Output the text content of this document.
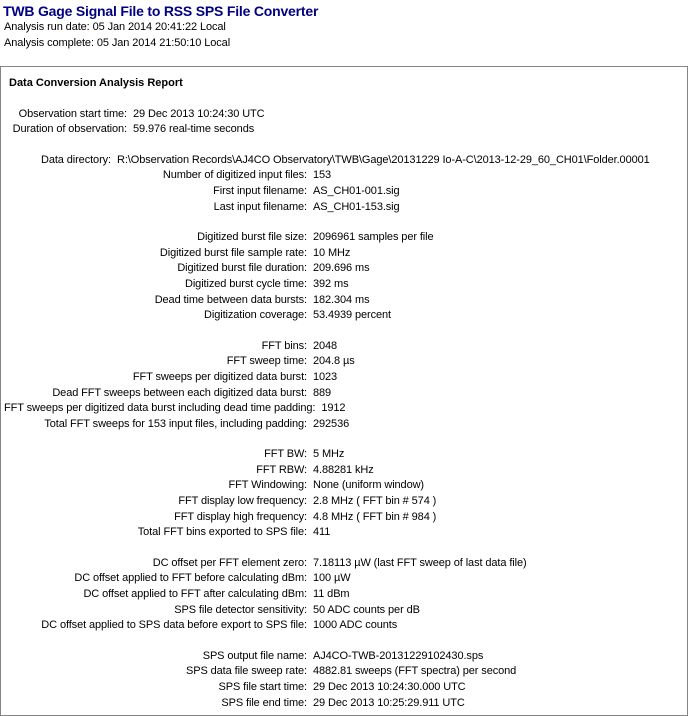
TWB Gage Signal File to RSS SPS File Converter
Analysis run date: 05 Jan 2014 20:41:22 Local
Analysis complete: 05 Jan 2014 21:50:10 Local
Data Conversion Analysis Report
Observation start time: 29 Dec 2013 10:24:30 UTC
Duration of observation: 59.976 real-time seconds
Data directory: R:\Observation Records\AJ4CO Observatory\TWB\Gage\20131229 Io-A-C\2013-12-29_60_CH01\Folder.00001
Number of digitized input files: 153
First input filename: AS_CH01-001.sig
Last input filename: AS_CH01-153.sig
Digitized burst file size: 2096961 samples per file
Digitized burst file sample rate: 10 MHz
Digitized burst file duration: 209.696 ms
Digitized burst cycle time: 392 ms
Dead time between data bursts: 182.304 ms
Digitization coverage: 53.4939 percent
FFT bins: 2048
FFT sweep time: 204.8 µs
FFT sweeps per digitized data burst: 1023
Dead FFT sweeps between each digitized data burst: 889
FFT sweeps per digitized data burst including dead time padding: 1912
Total FFT sweeps for 153 input files, including padding: 292536
FFT BW: 5 MHz
FFT RBW: 4.88281 kHz
FFT Windowing: None (uniform window)
FFT display low frequency: 2.8 MHz ( FFT bin # 574 )
FFT display high frequency: 4.8 MHz ( FFT bin # 984 )
Total FFT bins exported to SPS file: 411
DC offset per FFT element zero: 7.18113 µW (last FFT sweep of last data file)
DC offset applied to FFT before calculating dBm: 100 µW
DC offset applied to FFT after calculating dBm: 11 dBm
SPS file detector sensitivity: 50 ADC counts per dB
DC offset applied to SPS data before export to SPS file: 1000 ADC counts
SPS output file name: AJ4CO-TWB-20131229102430.sps
SPS data file sweep rate: 4882.81 sweeps (FFT spectra) per second
SPS file start time: 29 Dec 2013 10:24:30.000 UTC
SPS file end time: 29 Dec 2013 10:25:29.911 UTC
